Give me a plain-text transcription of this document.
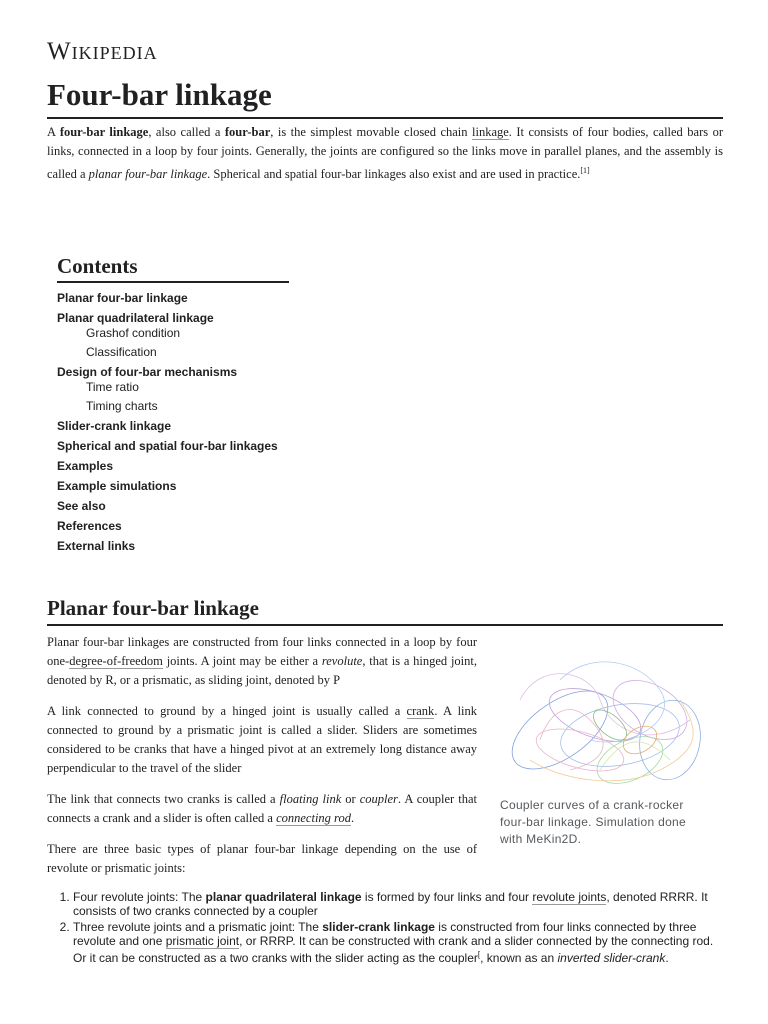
Wikipedia
Four-bar linkage

A four-bar linkage, also called a four-bar, is the simplest movable closed chain linkage. It consists of four bodies, called bars or links, connected in a loop by four joints. Generally, the joints are configured so the links move in parallel planes, and the assembly is called a planar four-bar linkage. Spherical and spatial four-bar linkages also exist and are used in practice.[1]

Contents
Planar four-bar linkage
Planar quadrilateral linkage
Grashof condition
Classification
Design of four-bar mechanisms
Time ratio
Timing charts
Slider-crank linkage
Spherical and spatial four-bar linkages
Examples
Example simulations
See also
References
External links
Planar four-bar linkage

Planar four-bar linkages are constructed from four links connected in a loop by four one-degree-of-freedom joints. A joint may be either a revolute, that is a hinged joint, denoted by R, or a prismatic, as sliding joint, denoted by P

A link connected to ground by a hinged joint is usually called a crank. A link connected to ground by a prismatic joint is called a slider. Sliders are sometimes considered to be cranks that have a hinged pivot at an extremely long distance away perpendicular to the travel of the slider

The link that connects two cranks is called a floating link or coupler. A coupler that connects a crank and a slider is often called a connecting rod.

There are three basic types of planar four-bar linkage depending on the use of revolute or prismatic joints:

Coupler curves of a crank-rocker four-bar linkage. Simulation done with MeKin2D.
1. Four revolute joints: The planar quadrilateral linkage is formed by four links and four revolute joints, denoted RRRR. It consists of two cranks connected by a coupler
2. Three revolute joints and a prismatic joint: The slider-crank linkage is constructed from four links connected by three revolute and one prismatic joint, or RRRP. It can be constructed with crank and a slider connected by the connecting rod. Or it can be constructed as a two cranks with the slider acting as the coupler[, known as an inverted slider-crank.
